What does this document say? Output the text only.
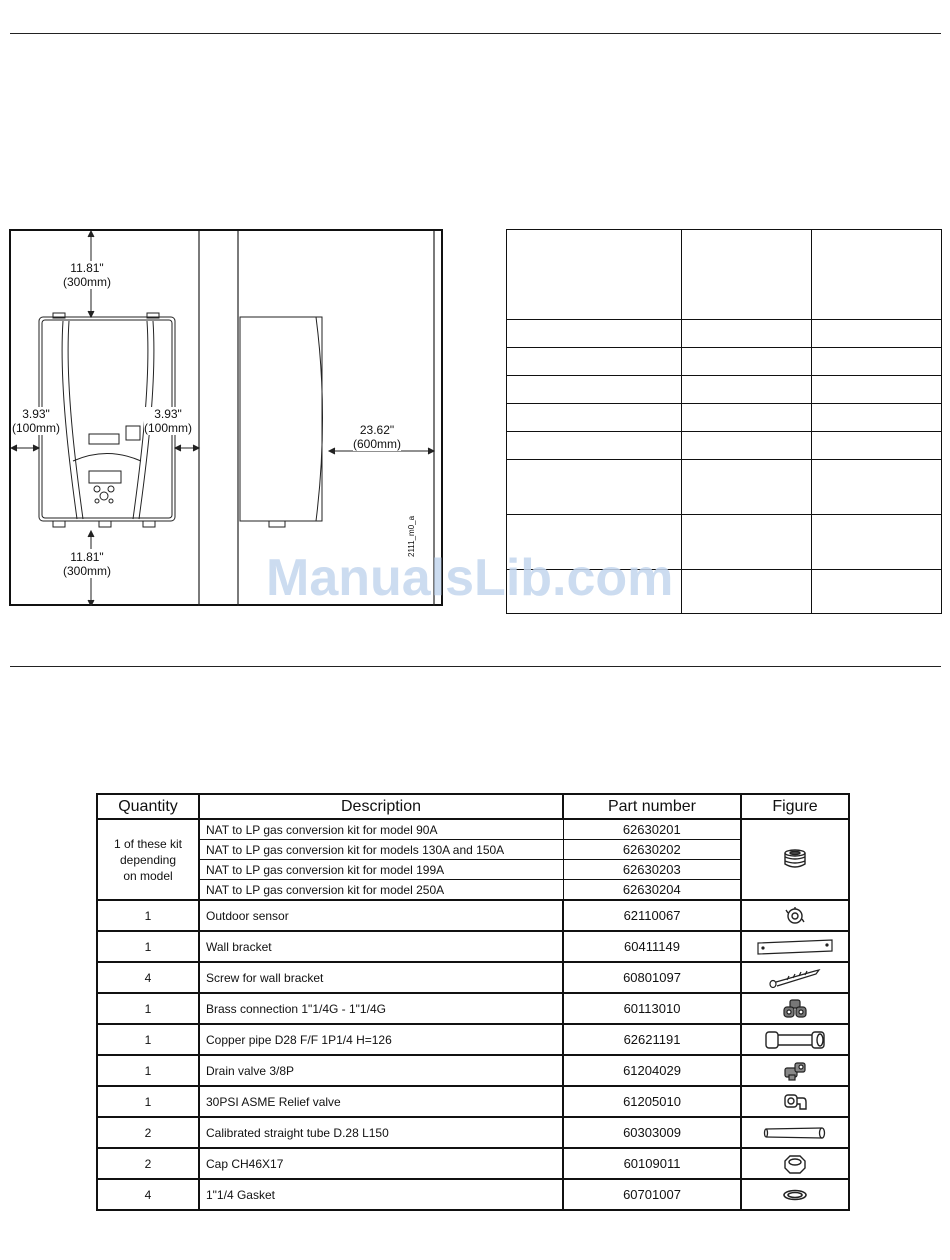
11.81"
(300mm)
11.81"
(300mm)
3.93"
(100mm)
3.93"
(100mm)	23.62"
(600mm)
2111_m0_a

ManualsLib.com
Quantity	Description	Part number	Figure
1 of these kit depending on model	NAT to LP gas conversion kit for model 90A	62630201	
	NAT to LP gas conversion kit for models 130A and 150A	62630202	
	NAT to LP gas conversion kit for model 199A	62630203	
	NAT to LP gas conversion kit for model 250A	62630204	
1	Outdoor sensor	62110067	
1	Wall bracket	60411149	
4	Screw for wall bracket	60801097	
1	Brass connection 1"1/4G - 1"1/4G	60113010	
1	Copper pipe D28 F/F 1P1/4 H=126	62621191	
1	Drain valve 3/8P	61204029	
1	30PSI ASME Relief valve	61205010	
2	Calibrated straight tube D.28 L150	60303009	
2	Cap CH46X17	60109011	
4	1"1/4 Gasket	60701007	
